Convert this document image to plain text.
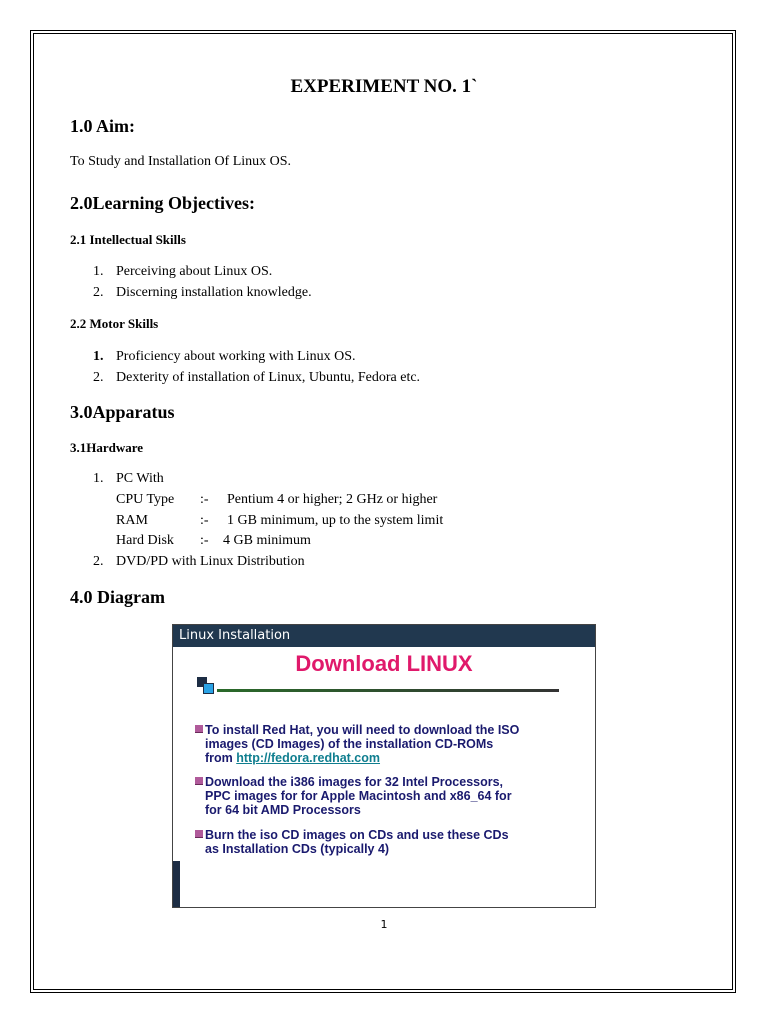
EXPERIMENT NO. 1`
1.0 Aim:
To Study and Installation Of Linux OS.
2.0Learning Objectives:
2.1 Intellectual Skills
1. Perceiving about Linux OS.
2. Discerning installation knowledge.
2.2 Motor Skills
1. Proficiency about working with Linux OS.
2. Dexterity of installation of Linux, Ubuntu, Fedora etc.
3.0Apparatus
3.1Hardware
1. PC With
CPU Type :- Pentium 4 or higher; 2 GHz or higher
RAM	:- 1 GB minimum, up to the system limit
Hard Disk :- 4 GB minimum
2. DVD/PD with Linux Distribution
4.0 Diagram
Linux Installation
Download LINUX
To install Red Hat, you will need to download the ISO
images (CD Images) of the installation CD-ROMs
from http://fedora.redhat.com
Download the i386 images for 32 Intel Processors,
PPC images for for Apple Macintosh and x86_64 for
for 64 bit AMD Processors
Burn the iso CD images on CDs and use these CDs
as Installation CDs (typically 4)
1
